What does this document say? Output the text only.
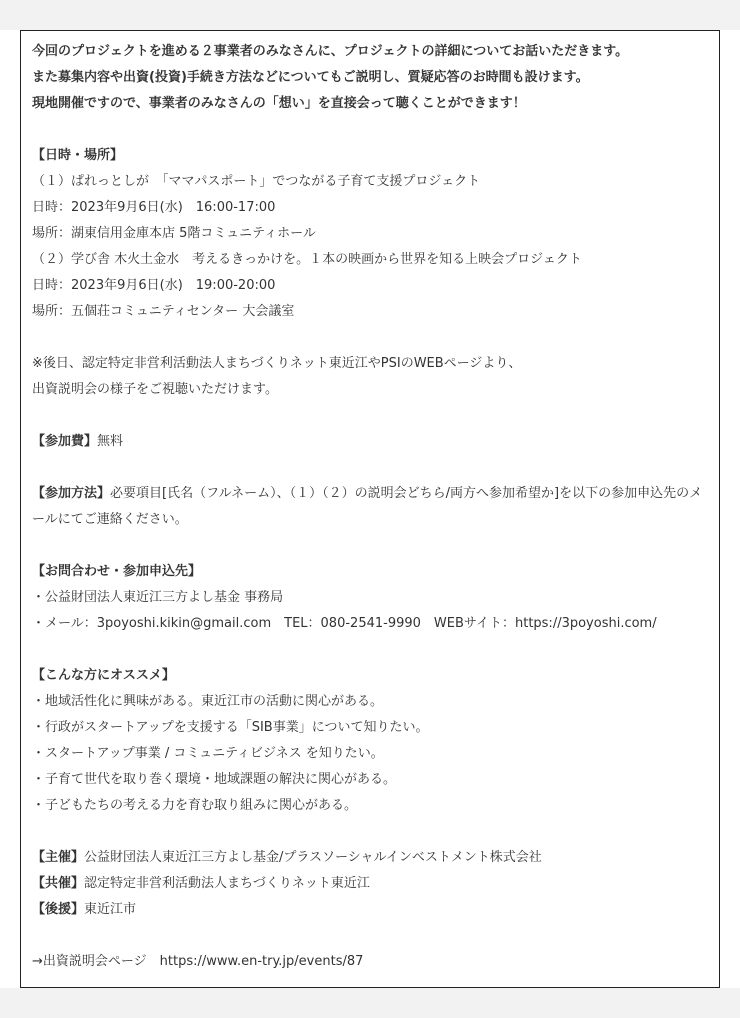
今回のプロジェクトを進める２事業者のみなさんに、プロジェクトの詳細についてお話いただきます。
また募集内容や出資(投資)手続き方法などについてもご説明し、質疑応答のお時間も設けます。
現地開催ですので、事業者のみなさんの「想い」を直接会って聴くことができます！
【日時・場所】
（１）ぱれっとしが　「ママパスポート」でつながる子育て支援プロジェクト
日時：2023年9月6日(水)　16:00-17:00
場所：湖東信用金庫本店 5階コミュニティホール
（２）学び舎 木火土金水　考えるきっかけを。１本の映画から世界を知る上映会プロジェクト
日時：2023年9月6日(水)　19:00-20:00
場所：五個荘コミュニティセンター 大会議室
※後日、認定特定非営利活動法人まちづくりネット東近江やPSIのWEBページより、
出資説明会の様子をご視聴いただけます。
【参加費】無料
【参加方法】必要項目[氏名（フルネーム）、（１）（２）の説明会どちら/両方へ参加希望か]を以下の参加申込先のメールにてご連絡ください。
【お問合わせ・参加申込先】
・公益財団法人東近江三方よし基金 事務局
・メール：3poyoshi.kikin@gmail.com　TEL：080-2541-9990　WEBサイト：https://3poyoshi.com/
【こんな方にオススメ】
・地域活性化に興味がある。東近江市の活動に関心がある。
・行政がスタートアップを支援する「SIB事業」について知りたい。
・スタートアップ事業 / コミュニティビジネス を知りたい。
・子育て世代を取り巻く環境・地域課題の解決に関心がある。
・子どもたちの考える力を育む取り組みに関心がある。
【主催】公益財団法人東近江三方よし基金/プラスソーシャルインベストメント株式会社
【共催】認定特定非営利活動法人まちづくりネット東近江
【後援】東近江市
→出資説明会ページ　 https://www.en-try.jp/events/87
